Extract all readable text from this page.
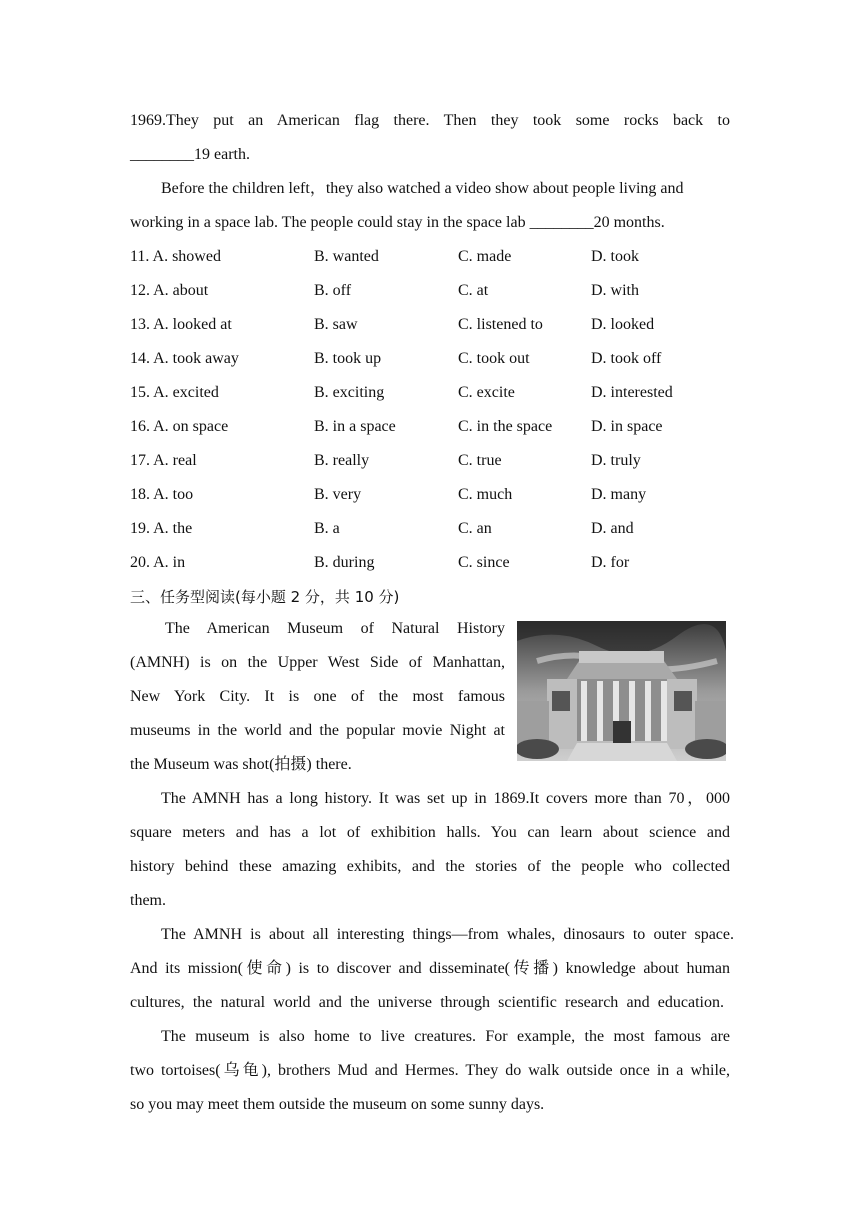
1969.They put an American flag there. Then they took some rocks back to
________19 earth.
Before the children left，they also watched a video show about people living and
working in a space lab. The people could stay in the space lab ________20 months.
11. A. showed	B. wanted	C. made	D. took
12. A. about	B. off	C. at	D. with
13. A. looked at	B. saw	C. listened to	D. looked
14. A. took away	B. took up	C. took out	D. took off
15. A. excited	B. exciting	C. excite	D. interested
16. A. on space	B. in a space	C. in the space D. in space
17. A. real	B. really	C. true	D. truly
18. A. too	B. very	C. much	D. many
19. A. the	B. a	C. an	D. and
20. A. in	B. during	C. since	D. for
三、任务型阅读(每小题 2 分，共 10 分)
The American Museum of Natural History
(AMNH) is on the Upper West Side of Manhattan,
New York City. It is one of the most famous
museums in the world and the popular movie Night at
the Museum was shot(拍摄) there.
The AMNH has a long history. It was set up in 1869.It covers more than 70，000
square meters and has a lot of exhibition halls. You can learn about science and
history behind these amazing exhibits, and the stories of the people who collected
them.
The AMNH is about all interesting things—from whales, dinosaurs to outer space.
And its mission(使命) is to discover and disseminate(传播) knowledge about human
cultures, the natural world and the universe through scientific research and education.
The museum is also home to live creatures. For example, the most famous are
two tortoises(乌龟), brothers Mud and Hermes. They do walk outside once in a while,
so you may meet them outside the museum on some sunny days.
